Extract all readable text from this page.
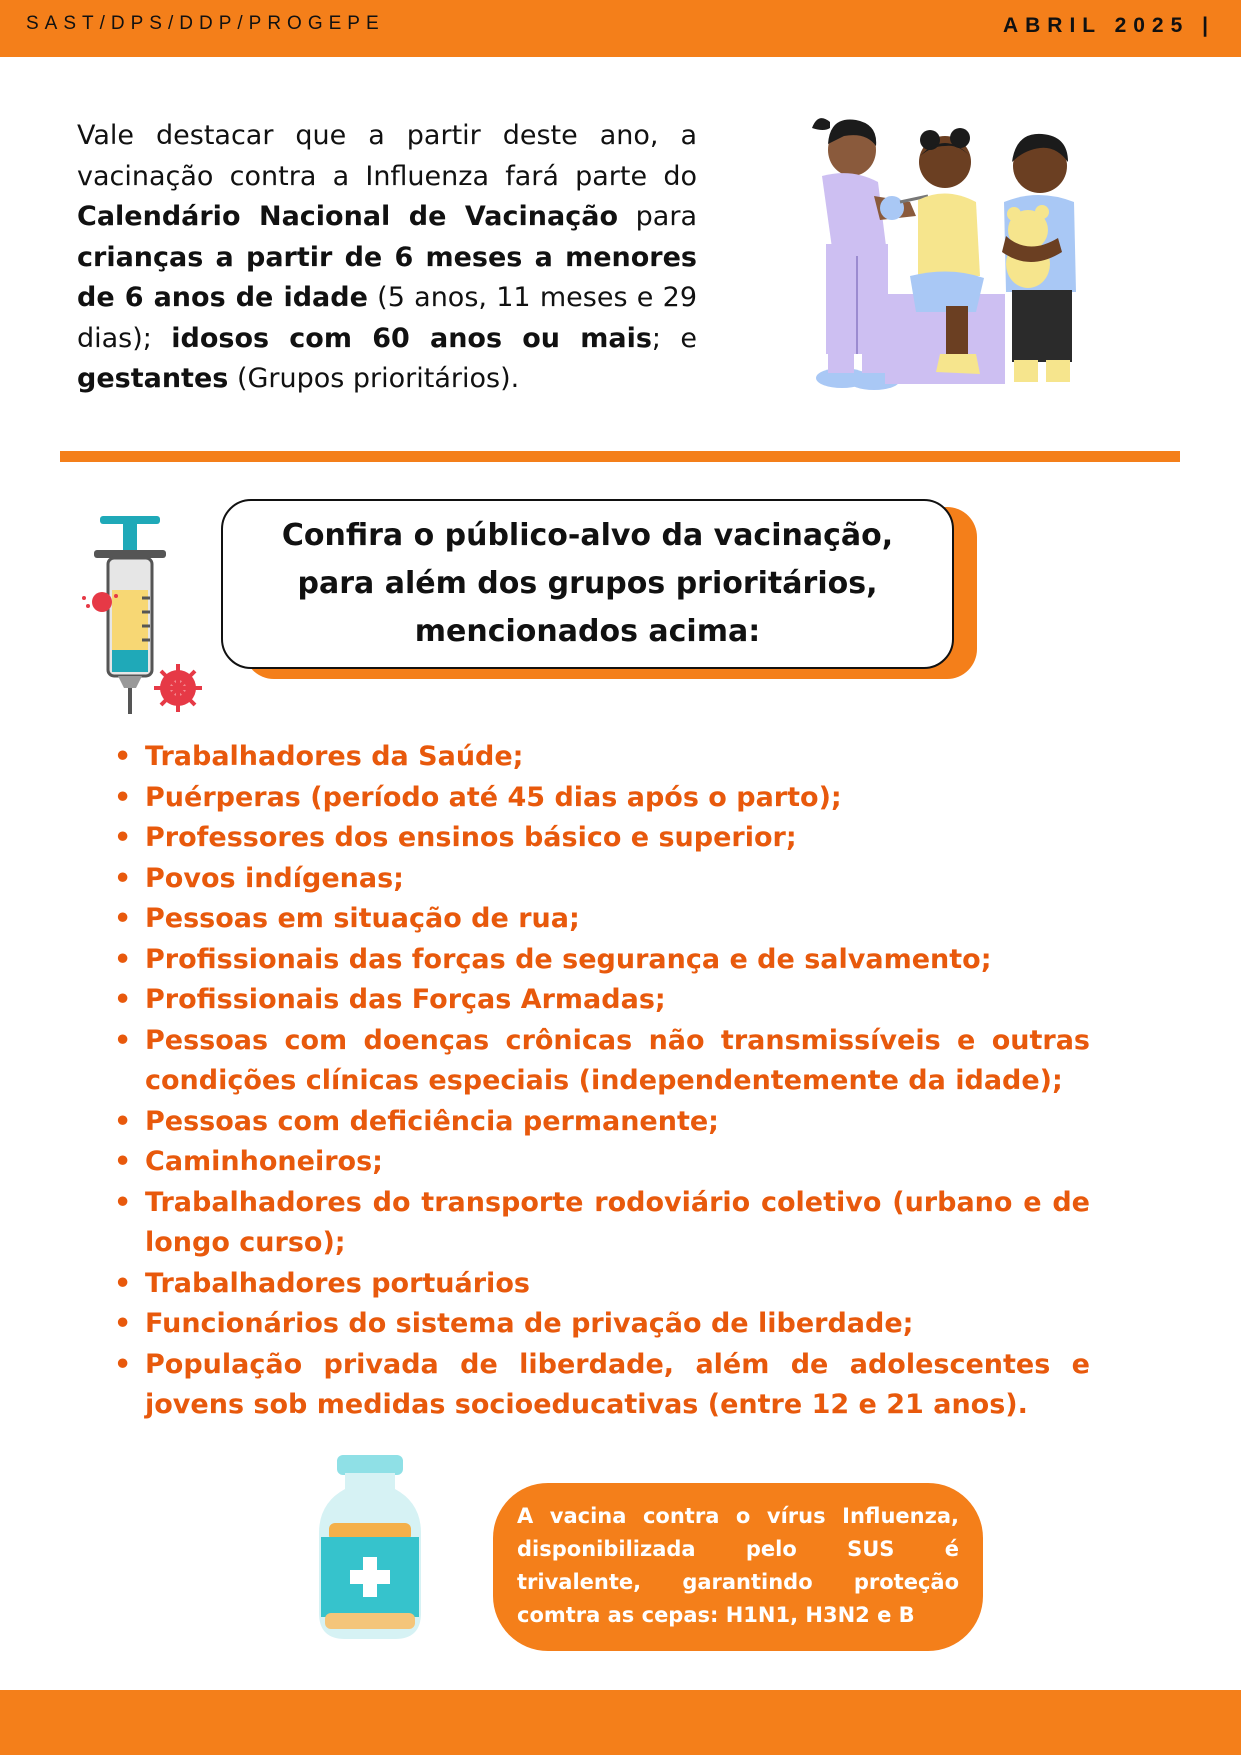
SAST/DPS/DDP/PROGEPE	ABRIL 2025 |

Vale destacar que a partir deste ano, a vacinação contra a Influenza fará parte do Calendário Nacional de Vacinação para crianças a partir de 6 meses a menores de 6 anos de idade (5 anos, 11 meses e 29 dias); idosos com 60 anos ou mais; e gestantes (Grupos prioritários).

Confira o público-alvo da vacinação,
para além dos grupos prioritários,
mencionados acima:
• Trabalhadores da Saúde;
• Puérperas (período até 45 dias após o parto);
• Professores dos ensinos básico e superior;
• Povos indígenas;
• Pessoas em situação de rua;
• Profissionais das forças de segurança e de salvamento;
• Profissionais das Forças Armadas;
• Pessoas com doenças crônicas não transmissíveis e outras condições clínicas especiais (independentemente da idade);
• Pessoas com deficiência permanente;
• Caminhoneiros;
• Trabalhadores do transporte rodoviário coletivo (urbano e de longo curso);
• Trabalhadores portuários
• Funcionários do sistema de privação de liberdade;
• População privada de liberdade, além de adolescentes e jovens sob medidas socioeducativas (entre 12 e 21 anos).

A vacina contra o vírus Influenza, disponibilizada pelo SUS é trivalente, garantindo proteção comtra as cepas: H1N1, H3N2 e B
